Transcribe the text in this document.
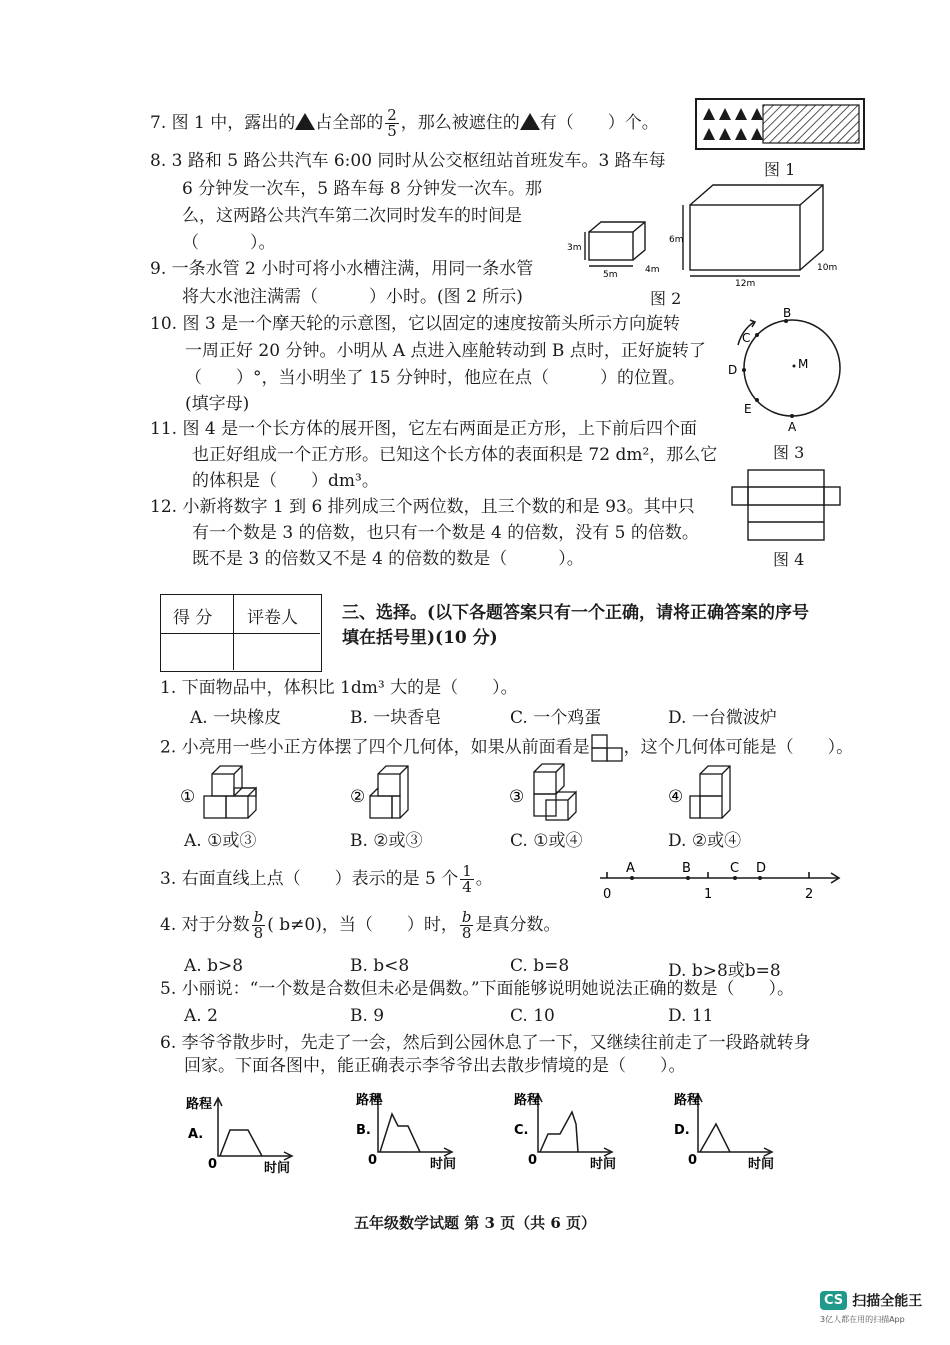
7. 图 1 中，露出的 占全部的 $\frac{2}{5}$ ，那么被遮住的 有（　　）个。
图 1
8. 3 路和 5 路公共汽车 6:00 同时从公交枢纽站首班发车。3 路车每
6 分钟发一次车，5 路车每 8 分钟发一次车。那
么，这两路公共汽车第二次同时发车的时间是
（　　　）。	3m
5m	4m
6m
12m
10m
图 2
9. 一条水管 2 小时可将小水槽注满，用同一条水管
将大水池注满需（　　　）小时。(图 2 所示)
10. 图 3 是一个摩天轮的示意图，它以固定的速度按箭头所示方向旋转
一周正好 20 分钟。小明从 A 点进入座舱转动到 B 点时，正好旋转了
（　　）°，当小明坐了 15 分钟时，他应在点（　　　）的位置。
(填字母)
B
C
D
E
A
M
图 3
11. 图 4 是一个长方体的展开图，它左右两面是正方形，上下前后四个面
也正好组成一个正方形。已知这个长方体的表面积是 72 dm²，那么它
的体积是（　　）dm³。
图 4
12. 小新将数字 1 到 6 排列成三个两位数，且三个数的和是 93。其中只
有一个数是 3 的倍数，也只有一个数是 4 的倍数，没有 5 的倍数。
既不是 3 的倍数又不是 4 的倍数的数是（　　　）。
得 分 评卷人	三、选择。(以下各题答案只有一个正确，请将正确答案的序号
填在括号里)(10 分)
1. 下面物品中，体积比 1dm³ 大的是（　　）。
A. 一块橡皮	B. 一块香皂	C. 一个鸡蛋	D. 一台微波炉
2. 小亮用一些小正方体摆了四个几何体，如果从前面看是 ，这个几何体可能是（　　）。
①	②	③	④
A. ①或③	B. ②或③	C. ①或④	D. ②或④
3. 右面直线上点（　　）表示的是 5 个 $\frac{1}{4}$ 。
A	B	C D
0	1	2
4. 对于分数 $\frac{b}{8}$ ( b≠0)，当（　　）时， $\frac{b}{8}$ 是真分数。
A. b>8	B. b<8	C. b=8	D. b>8或b=8
5. 小丽说：“一个数是合数但未必是偶数。”下面能够说明她说法正确的数是（　　）。
A. 2	B. 9	C. 10	D. 11
6. 李爷爷散步时，先走了一会，然后到公园休息了一下，又继续往前走了一段路就转身
回家。下面各图中，能正确表示李爷爷出去散步情境的是（　　）。
路程
A.
0	时间
路程
B.
0	时间
路程
C.
0	时间
路程
D.
0	时间
五年级数学试题 第 3 页（共 6 页）
CS 扫描全能王
3亿人都在用的扫描App
